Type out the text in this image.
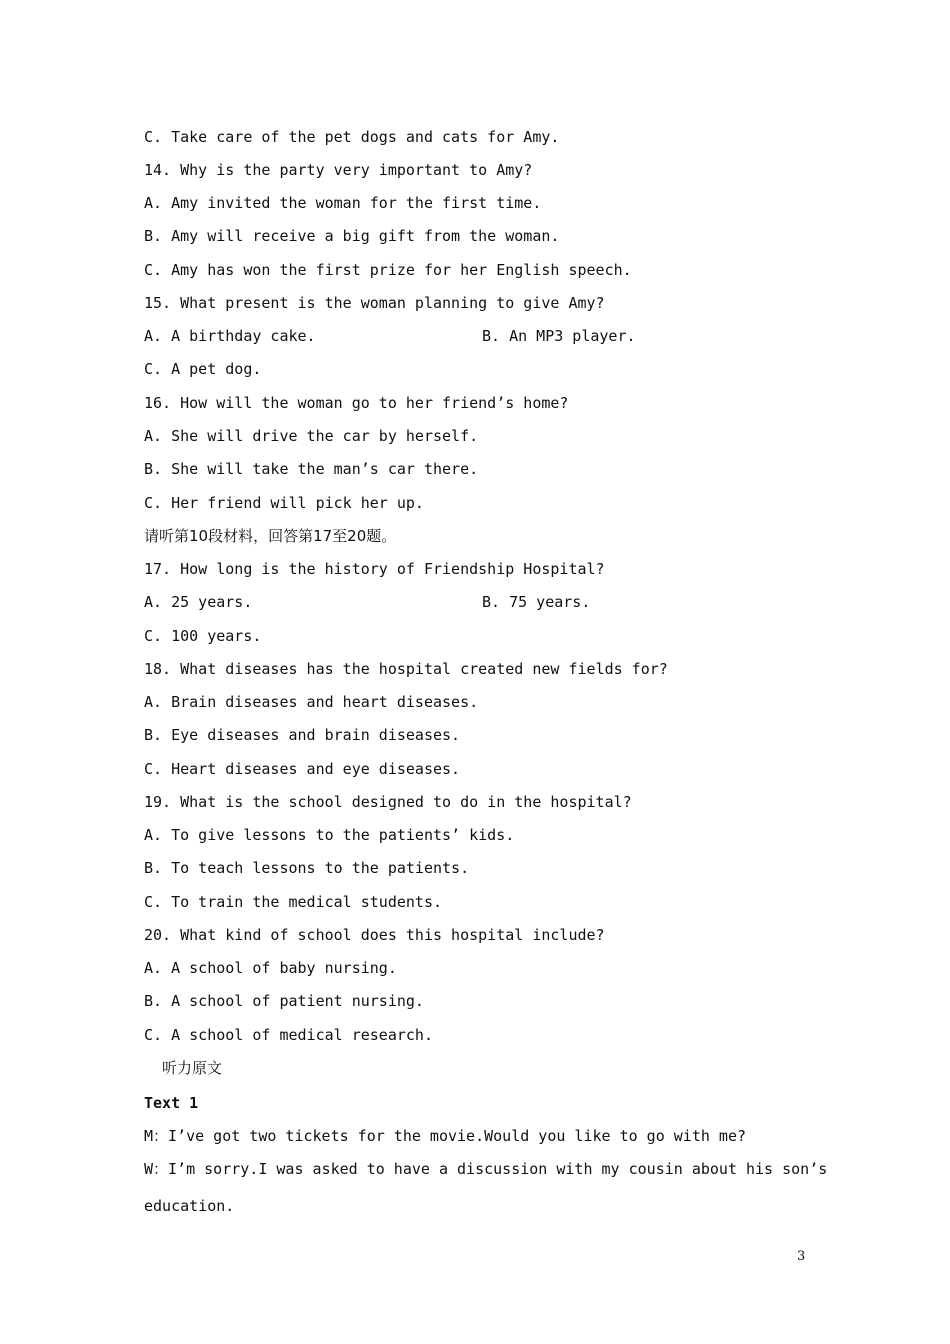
C. Take care of the pet dogs and cats for Amy.
14. Why is the party very important to Amy?
A. Amy invited the woman for the first time.
B. Amy will receive a big gift from the woman.
C. Amy has won the first prize for her English speech.
15. What present is the woman planning to give Amy?
A. A birthday cake.	B. An MP3 player.
C. A pet dog.
16. How will the woman go to her friend’s home?
A. She will drive the car by herself.
B. She will take the man’s car there.
C. Her friend will pick her up.
请听第10段材料，回答第17至20题。
17. How long is the history of Friendship Hospital?
A. 25 years.	B. 75 years.
C. 100 years.
18. What diseases has the hospital created new fields for?
A. Brain diseases and heart diseases.
B. Eye diseases and brain diseases.
C. Heart diseases and eye diseases.
19. What is the school designed to do in the hospital?
A. To give lessons to the patients’ kids.
B. To teach lessons to the patients.
C. To train the medical students.
20. What kind of school does this hospital include?
A. A school of baby nursing.
B. A school of patient nursing.
C. A school of medical research.
听力原文
Text 1
M：I’ve got two tickets for the movie.Would you like to go with me?
W：I’m sorry.I was asked to have a discussion with my cousin about his son’s
education.
3
